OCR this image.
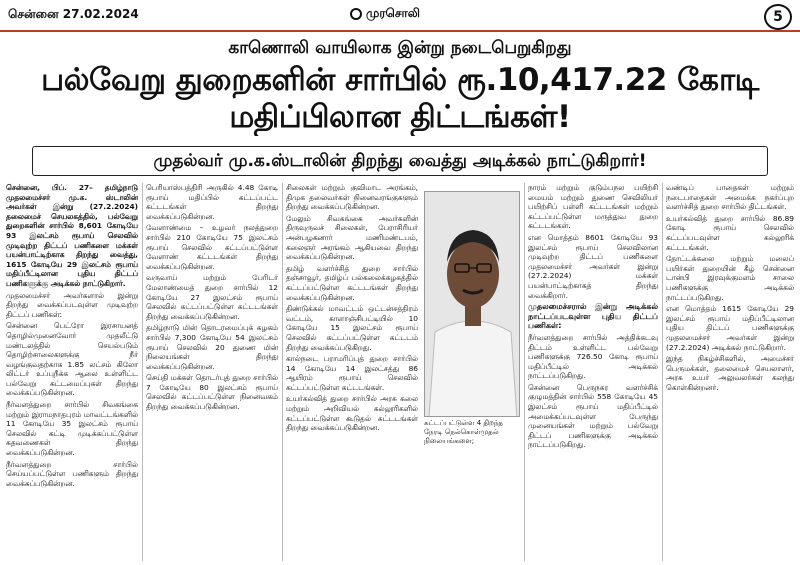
சென்னை 27.02.2024	முரசொலி	5
காணொலி வாயிலாக இன்று நடைபெறுகிறது
பல்வேறு துறைகளின் சார்பில் ரூ.10,417.22 கோடி மதிப்பிலான திட்டங்கள்!
முதல்வர் மு.க.ஸ்டாலின் திறந்து வைத்து அடிக்கல் நாட்டுகிறார்!

சென்னை, பிப். 27– தமிழ்நாடு முதலமைச்சர் மு.க. ஸ்டாலின் அவர்கள் இன்று (27.2.2024) தலைமைச் செயலகத்தில், பல்வேறு துறைகளின் சார்பில் 8,601 கோடியே 93 இலட்சம் ரூபாய் செலவில் முடிவுற்ற திட்டப் பணிகளை மக்கள் பயன்பாட்டிற்காக திறந்து வைத்து, 1615 கோடியே 29 இலட்சம் ரூபாய் மதிப்பீட்டிலான புதிய திட்டப் பணிகளுக்கு அடிக்கல் நாட்டுகிறார்.

முதலமைச்சர் அவர்களால் இன்று திறந்து வைக்கப்படவுள்ள முடிவுற்ற திட்டப் பணிகள்:

சென்னை பெட்ரோ இரசாயனத் தொழில்முனைவோர் முதலீட்டு மண்டலத்தில் செயல்படும் தொழிற்சாலைகளுக்கு நீர் வழங்குவதற்காக 1.85 லட்சம் கிலோ லிட்டர் உப்புநீக்க ஆலை உள்ளிட்ட பல்வேறு கட்டமைப்புகள் திறந்து வைக்கப்படுகின்றன.

நீர்வளத்துறை சார்பில் சிவகங்கை மற்றும் இராமநாதபுரம் மாவட்டங்களில் 11 கோடியே 35 இலட்சம் ரூபாய் செலவில் கட்டி முடிக்கப்பட்டுள்ள கதவணைகள் திறந்து வைக்கப்படுகின்றன.

நீர்வளத்துறை சார்பில் செய்யப்பட்டுள்ள பணிகளும் திறந்து வைக்கப்படுகின்றன.

பெரியாஸ்பத்திரி அருகில் 4.48 கோடி ரூபாய் மதிப்பில் கட்டப்பட்ட கட்டடங்கள் திறந்து வைக்கப்படுகின்றன.

வேளாண்மை – உழவர் நலத்துறை சார்பில் 210 கோடியே 75 இலட்சம் ரூபாய் செலவில் கட்டப்பட்டுள்ள வேளாண் கட்டடங்கள் திறந்து வைக்கப்படுகின்றன.

வருவாய் மற்றும் பேரிடர் மேலாண்மைத் துறை சார்பில் 12 கோடியே 27 இலட்சம் ரூபாய் செலவில் கட்டப்பட்டுள்ள கட்டடங்கள் திறந்து வைக்கப்படுகின்றன.

தமிழ்நாடு மின் தொடரமைப்புக் கழகம் சார்பில் 7,300 கோடியே 54 இலட்சம் ரூபாய் செலவில் 20 துணை மின் நிலையங்கள் திறந்து வைக்கப்படுகின்றன.

செய்தி மக்கள் தொடர்புத் துறை சார்பில் 7 கோடியே 80 இலட்சம் ரூபாய் செலவில் கட்டப்பட்டுள்ள நினைவகம் திறந்து வைக்கப்படுகின்றன.

சிலைகள் மற்றும் குவிமாட அரங்கம், திமுக தலைவர்கள் நினைவரங்குகளும் திறந்து வைக்கப்படுகின்றன.

மேலும் சிவகங்கை அவர்களின் திருவுருவச் சிலைகள், பேராசிரியர் அன்பழகனார் மணிமண்டபம், கலைஞர் அரங்கம் ஆகியவை திறந்து வைக்கப்படுகின்றன.

தமிழ் வளர்ச்சித் துறை சார்பில் தஞ்சாவூர், தமிழ்ப் பல்கலைக்கழகத்தில் கட்டப்பட்டுள்ள கட்டடங்கள் திறந்து வைக்கப்படுகின்றன.

திண்டுக்கல் மாவட்டம் ஒட்டன்சத்திரம் வட்டம், காளாஞ்சிபட்டியில் 10 கோடியே 15 இலட்சம் ரூபாய் செலவில் கட்டப்பட்டுள்ள கட்டடம் திறந்து வைக்கப்படுகிறது.

கால்நடை பராமரிப்புத் துறை சார்பில் 14 கோடியே 14 இலட்சத்து 86 ஆயிரம் ரூபாய் செலவில் கட்டப்பட்டுள்ள கட்டடங்கள்.

உயர்கல்வித் துறை சார்பில் அரசு கலை மற்றும் அறிவியல் கல்லூரிகளில் கட்டப்பட்டுள்ள கூடுதல் கட்டடங்கள் திறந்து வைக்கப்படுகின்றன.

கட்டப்பட்டுள்ள 4 திறந்த நேரடி நெல்கொள்முதல் நிலையங்களை;

நாரம் மற்றும் குடும்பநல பயிற்சி மையம் மற்றும் துணை செவிலியர் பயிற்சிப் பள்ளி கட்டடங்கள் மற்றும் கட்டப்பட்டுள்ள மருத்துவ துறை கட்டடங்கள்.

என மொத்தம் 8601 கோடியே 93 இலட்சம் ரூபாய் செலவிலான முடிவுற்ற திட்டப் பணிகளை முதலமைச்சர் அவர்கள் இன்று (27.2.2024) மக்கள் பயன்பாட்டிற்காகத் திறந்து வைக்கிறார்.

முதலமைச்சரால் இன்று அடிக்கல் நாட்டப்படவுள்ள புதிய திட்டப் பணிகள்:

நீர்வளத்துறை சார்பில் அத்திக்கடவு திட்டம் உள்ளிட்ட பல்வேறு பணிகளுக்கு 726.50 கோடி ரூபாய் மதிப்பீட்டில் அடிக்கல் நாட்டப்படுகிறது.

சென்னை பெருநகர வளர்ச்சிக் குழுமத்தின் சார்பில் 558 கோடியே 45 இலட்சம் ரூபாய் மதிப்பீட்டில் அமைக்கப்படவுள்ள பேருந்து முனையங்கள் மற்றும் பல்வேறு திட்டப் பணிகளுக்கு அடிக்கல் நாட்டப்படுகிறது.

வண்டிப் பாதைகள் மற்றும் நடைபாதைகள் அமைக்க நகர்ப்புற வளர்ச்சித் துறை சார்பில் திட்டங்கள்.

உயர்கல்வித் துறை சார்பில் 86.89 கோடி ரூபாய் செலவில் கட்டப்படவுள்ள கல்லூரிக் கட்டடங்கள்.

தோட்டக்கலை மற்றும் மலைப் பயிர்கள் துறையின் கீழ் சென்னை டான்பி இரவுக்குமளம் சாலை பணிகளுக்கு அடிக்கல் நாட்டப்படுகிறது.

என மொத்தம் 1615 கோடியே 29 இலட்சம் ரூபாய் மதிப்பீட்டிலான புதிய திட்டப் பணிகளுக்கு முதலமைச்சர் அவர்கள் இன்று (27.2.2024) அடிக்கல் நாட்டுகிறார்.

இந்த நிகழ்ச்சிகளில், அமைச்சர் பெருமக்கள், தலைமைச் செயலாளர், அரசு உயர் அலுவலர்கள் கலந்து கொள்கின்றனர்.
